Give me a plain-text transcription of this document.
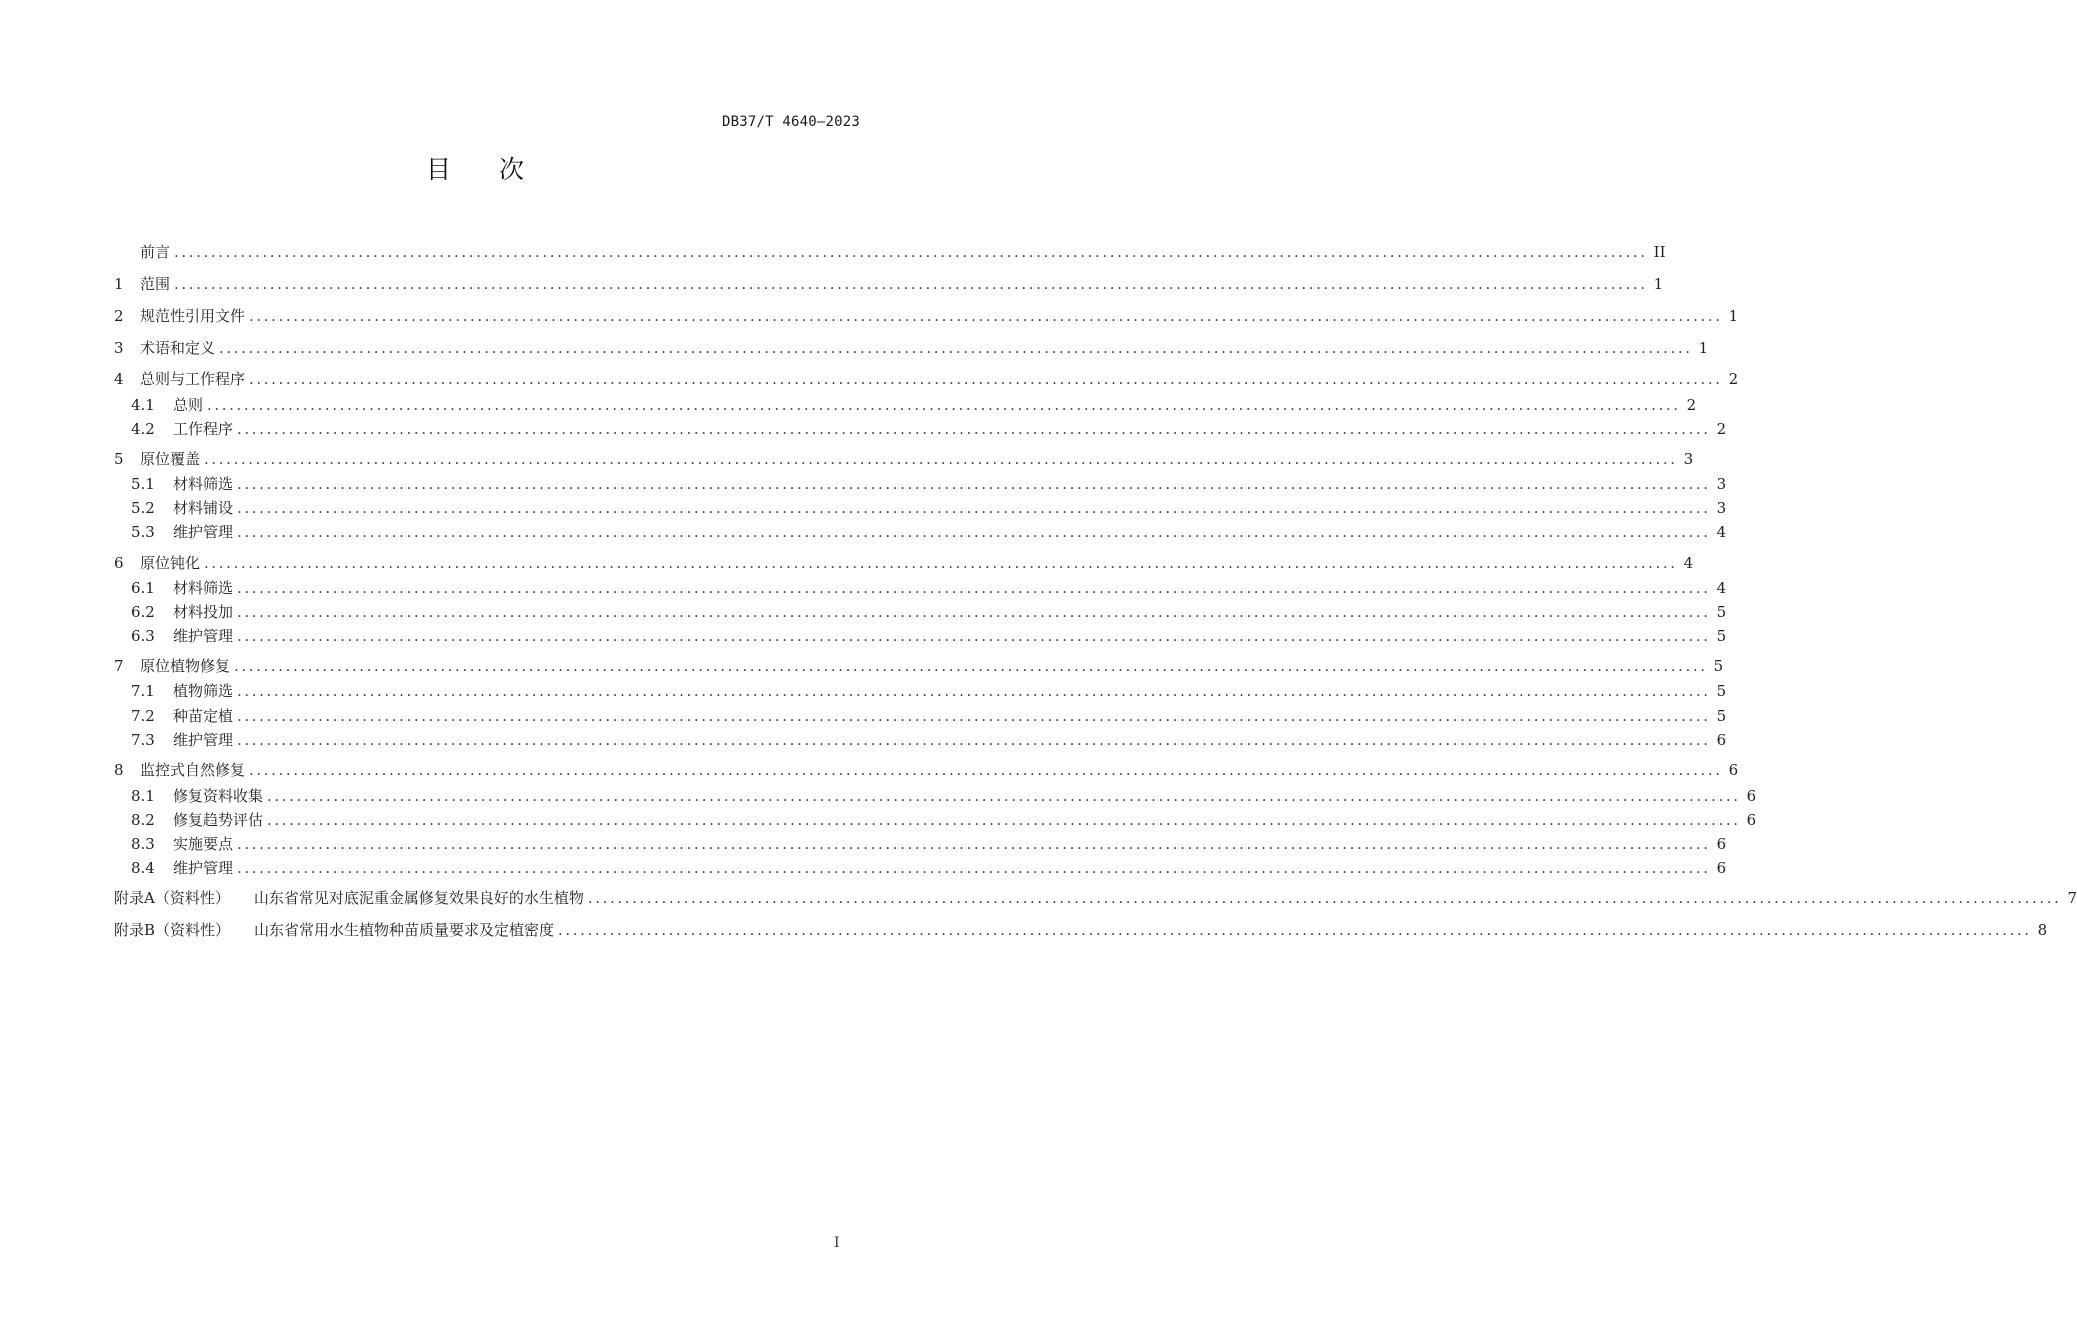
DB37/T 4640—2023
目次
前言 ........................................................................................................................................................................................................ II
1	范围 ........................................................................................................................................................................................................ 1
2	规范性引用文件 ........................................................................................................................................................................................................ 1
3	术语和定义 ........................................................................................................................................................................................................ 1
4	总则与工作程序 ........................................................................................................................................................................................................ 2
4.1	总则 ........................................................................................................................................................................................................ 2
4.2	工作程序 ........................................................................................................................................................................................................ 2
5	原位覆盖 ........................................................................................................................................................................................................ 3
5.1	材料筛选 ........................................................................................................................................................................................................ 3
5.2	材料铺设 ........................................................................................................................................................................................................ 3
5.3	维护管理 ........................................................................................................................................................................................................ 4
6	原位钝化 ........................................................................................................................................................................................................ 4
6.1	材料筛选 ........................................................................................................................................................................................................ 4
6.2	材料投加 ........................................................................................................................................................................................................ 5
6.3	维护管理 ........................................................................................................................................................................................................ 5
7	原位植物修复 ........................................................................................................................................................................................................ 5
7.1	植物筛选 ........................................................................................................................................................................................................ 5
7.2	种苗定植 ........................................................................................................................................................................................................ 5
7.3	维护管理 ........................................................................................................................................................................................................ 6
8	监控式自然修复 ........................................................................................................................................................................................................ 6
8.1	修复资料收集 ........................................................................................................................................................................................................ 6
8.2	修复趋势评估 ........................................................................................................................................................................................................ 6
8.3	实施要点 ........................................................................................................................................................................................................ 6
8.4	维护管理 ........................................................................................................................................................................................................ 6
附录A（资料性） 山东省常见对底泥重金属修复效果良好的水生植物 ........................................................................................................................................................................................................ 7
附录B（资料性） 山东省常用水生植物种苗质量要求及定植密度 ........................................................................................................................................................................................................ 8
I
